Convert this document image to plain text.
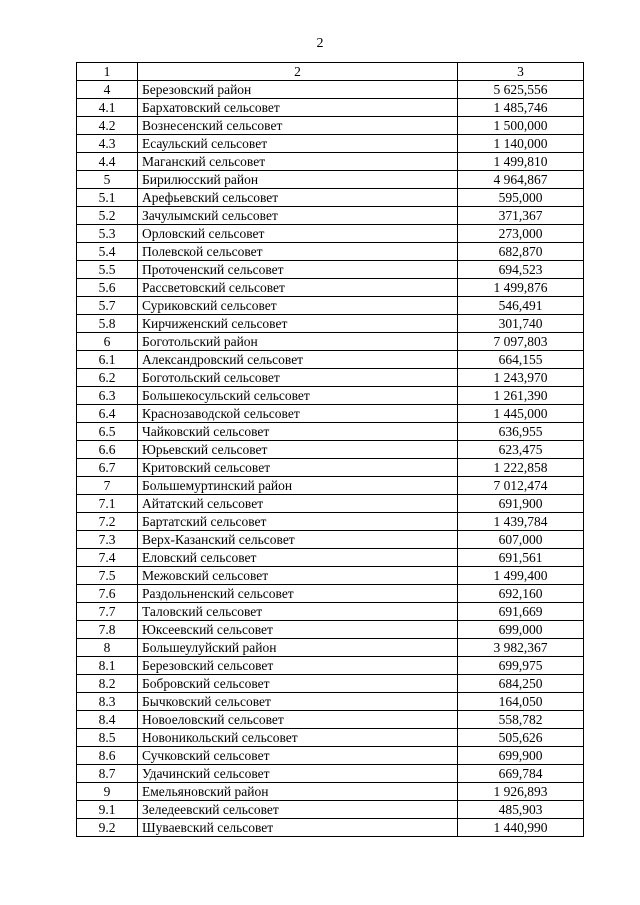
2
1	2	3
4	Березовский район	5 625,556
4.1	Бархатовский сельсовет	1 485,746
4.2	Вознесенский сельсовет	1 500,000
4.3	Есаульский сельсовет	1 140,000
4.4	Маганский сельсовет	1 499,810
5	Бирилюсский район	4 964,867
5.1	Арефьевский сельсовет	595,000
5.2	Зачулымский сельсовет	371,367
5.3	Орловский сельсовет	273,000
5.4	Полевской сельсовет	682,870
5.5	Проточенский сельсовет	694,523
5.6	Рассветовский сельсовет	1 499,876
5.7	Суриковский сельсовет	546,491
5.8	Кирчиженский сельсовет	301,740
6	Боготольский район	7 097,803
6.1	Александровский сельсовет	664,155
6.2	Боготольский сельсовет	1 243,970
6.3	Большекосульский сельсовет	1 261,390
6.4	Краснозаводской сельсовет	1 445,000
6.5	Чайковский сельсовет	636,955
6.6	Юрьевский сельсовет	623,475
6.7	Критовский сельсовет	1 222,858
7	Большемуртинский район	7 012,474
7.1	Айтатский сельсовет	691,900
7.2	Бартатский сельсовет	1 439,784
7.3	Верх-Казанский сельсовет	607,000
7.4	Еловский сельсовет	691,561
7.5	Межовский сельсовет	1 499,400
7.6	Раздольненский сельсовет	692,160
7.7	Таловский сельсовет	691,669
7.8	Юксеевский сельсовет	699,000
8	Большеулуйский район	3 982,367
8.1	Березовский сельсовет	699,975
8.2	Бобровский сельсовет	684,250
8.3	Бычковский сельсовет	164,050
8.4	Новоеловский сельсовет	558,782
8.5	Новоникольский сельсовет	505,626
8.6	Сучковский сельсовет	699,900
8.7	Удачинский сельсовет	669,784
9	Емельяновский район	1 926,893
9.1	Зеледеевский сельсовет	485,903
9.2	Шуваевский сельсовет	1 440,990
